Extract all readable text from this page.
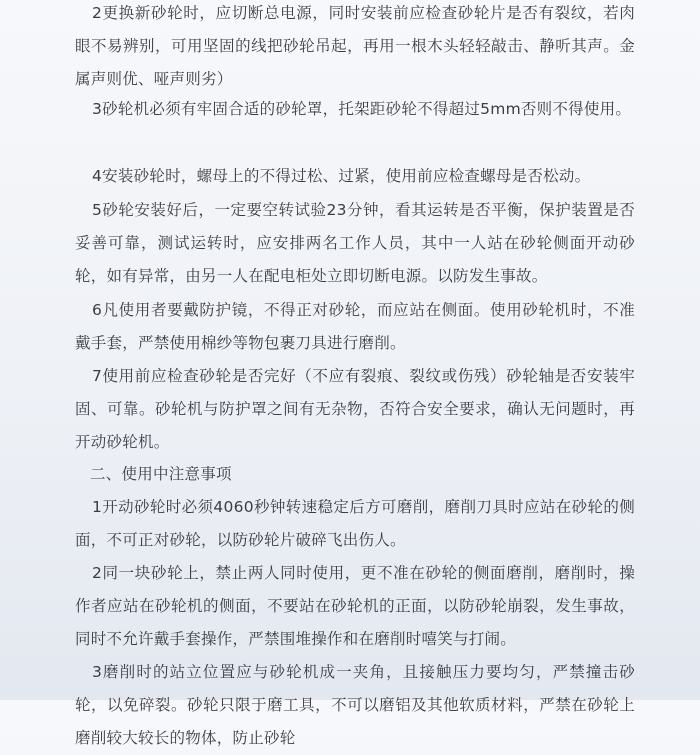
2更换新砂轮时，应切断总电源，同时安装前应检查砂轮片是否有裂纹，若肉眼不易辨别，可用坚固的线把砂轮吊起，再用一根木头轻轻敲击、静听其声。金属声则优、哑声则劣）

3砂轮机必须有牢固合适的砂轮罩，托架距砂轮不得超过5mm否则不得使用。

4安装砂轮时，螺母上的不得过松、过紧，使用前应检查螺母是否松动。

5砂轮安装好后，一定要空转试验23分钟，看其运转是否平衡，保护装置是否妥善可靠，测试运转时，应安排两名工作人员，其中一人站在砂轮侧面开动砂轮，如有异常，由另一人在配电柜处立即切断电源。以防发生事故。

6凡使用者要戴防护镜，不得正对砂轮，而应站在侧面。使用砂轮机时，不准戴手套，严禁使用棉纱等物包裹刀具进行磨削。

7使用前应检查砂轮是否完好（不应有裂痕、裂纹或伤残）砂轮轴是否安装牢固、可靠。砂轮机与防护罩之间有无杂物，否符合安全要求，确认无问题时，再开动砂轮机。

二、使用中注意事项

1开动砂轮时必须4060秒钟转速稳定后方可磨削，磨削刀具时应站在砂轮的侧面，不可正对砂轮，以防砂轮片破碎飞出伤人。

2同一块砂轮上，禁止两人同时使用，更不准在砂轮的侧面磨削，磨削时，操作者应站在砂轮机的侧面，不要站在砂轮机的正面，以防砂轮崩裂，发生事故，同时不允许戴手套操作，严禁围堆操作和在磨削时嘻笑与打闹。

3磨削时的站立位置应与砂轮机成一夹角，且接触压力要均匀，严禁撞击砂轮，以免碎裂。砂轮只限于磨工具，不可以磨铝及其他软质材料，严禁在砂轮上磨削较大较长的物体，防止砂轮
